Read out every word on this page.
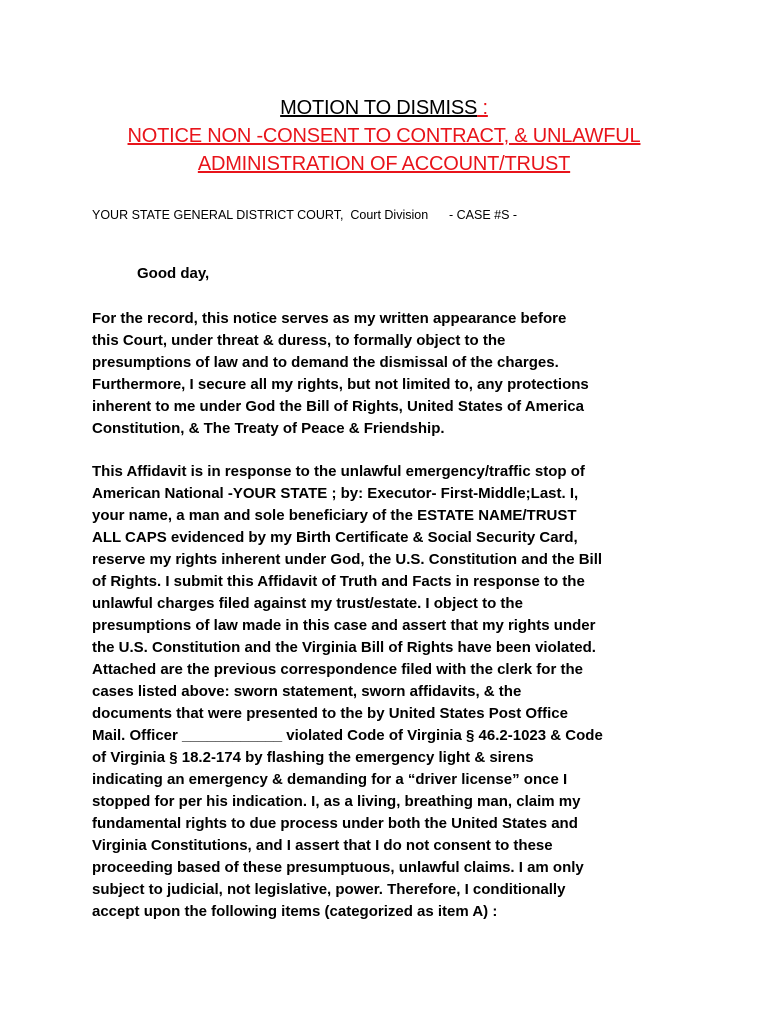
MOTION TO DISMISS :
NOTICE NON -CONSENT TO CONTRACT, & UNLAWFUL
ADMINISTRATION OF ACCOUNT/TRUST
YOUR STATE GENERAL DISTRICT COURT,  Court Division - CASE #S -
Good day,
For the record, this notice serves as my written appearance before
this Court, under threat & duress, to formally object to the
presumptions of law and to demand the dismissal of the charges.
Furthermore, I secure all my rights, but not limited to, any protections
inherent to me under God the Bill of Rights, United States of America
Constitution, & The Treaty of Peace & Friendship.
This Affidavit is in response to the unlawful emergency/traffic stop of
American National -YOUR STATE ; by: Executor- First-Middle;Last. I,
your name, a man and sole beneficiary of the ESTATE NAME/TRUST
ALL CAPS evidenced by my Birth Certificate & Social Security Card,
reserve my rights inherent under God, the U.S. Constitution and the Bill
of Rights. I submit this Affidavit of Truth and Facts in response to the
unlawful charges filed against my trust/estate. I object to the
presumptions of law made in this case and assert that my rights under
the U.S. Constitution and the Virginia Bill of Rights have been violated.
Attached are the previous correspondence filed with the clerk for the
cases listed above: sworn statement, sworn affidavits, & the
documents that were presented to the by United States Post Office
Mail. Officer ____________ violated Code of Virginia § 46.2-1023 & Code
of Virginia § 18.2-174 by flashing the emergency light & sirens
indicating an emergency & demanding for a “driver license” once I
stopped for per his indication. I, as a living, breathing man, claim my
fundamental rights to due process under both the United States and
Virginia Constitutions, and I assert that I do not consent to these
proceeding based of these presumptuous, unlawful claims. I am only
subject to judicial, not legislative, power. Therefore, I conditionally
accept upon the following items (categorized as item A) :
